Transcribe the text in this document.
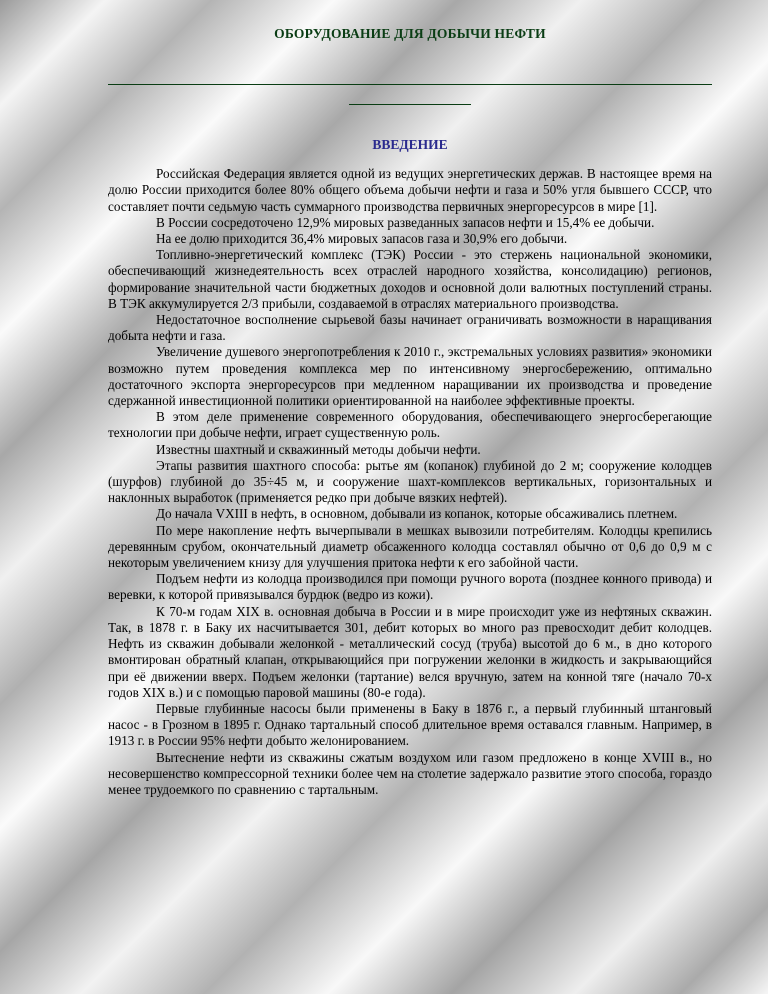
ОБОРУДОВАНИЕ ДЛЯ ДОБЫЧИ НЕФТИ
ВВЕДЕНИЕ

Российская Федерация является одной из ведущих энергетических держав. В настоящее время на долю России приходится более 80% общего объема добычи нефти и газа и 50% угля бывшего СССР, что составляет почти седьмую часть суммарного производства первичных энергоресурсов в мире [1].

В России сосредоточено 12,9% мировых разведанных запасов нефти и 15,4% ее добычи.

На ее долю приходится 36,4% мировых запасов газа и 30,9% его добычи.

Топливно-энергетический комплекс (ТЭК) России - это стержень национальной экономики, обеспечивающий жизнедеятельность всех отраслей народного хозяйства, консолидацию) регионов, формирование значительной части бюджетных доходов и основной доли валютных поступлений страны. В ТЭК аккумулируется 2/3 прибыли, создаваемой в отраслях материального производства.

Недостаточное восполнение сырьевой базы начинает ограничивать возможности в наращивания добыта нефти и газа.

Увеличение душевого энергопотребления к 2010 г., экстремальных условиях развития» экономики возможно путем проведения комплекса мер по интенсивному энергосбережению, оптимально достаточного экспорта энергоресурсов при медленном наращивании их производства и проведение сдержанной инвестиционной политики ориентированной на наиболее эффективные проекты.

В этом деле применение современного оборудования, обеспечивающего энергосберегающие технологии при добыче нефти, играет существенную роль.

Известны шахтный и скважинный методы добычи нефти.

Этапы развития шахтного способа: рытье ям (копанок) глубиной до 2 м; сооружение колодцев (шурфов) глубиной до 35÷45 м, и сооружение шахт-комплексов вертикальных, горизонтальных и наклонных выработок (применяется редко при добыче вязких нефтей).

До начала VXIII в нефть, в основном, добывали из копанок, которые обсаживались плетнем.

По мере накопление нефть вычерпывали в мешках вывозили потребителям. Колодцы крепились деревянным срубом, окончательный диаметр обсаженного колодца составлял обычно от 0,6 до 0,9 м с некоторым увеличением книзу для улучшения притока нефти к его забойной части.

Подъем нефти из колодца производился при помощи ручного ворота (позднее конного привода) и веревки, к которой привязывался бурдюк (ведро из кожи).

К 70-м годам XIX в. основная добыча в России и в мире происходит уже из нефтяных скважин. Так, в 1878 г. в Баку их насчитывается 301, дебит которых во много раз превосходит дебит колодцев. Нефть из скважин добывали желонкой - металлический сосуд (труба) высотой до 6 м., в дно которого вмонтирован обратный клапан, открывающийся при погружении желонки в жидкость и закрывающийся при её движении вверх. Подъем желонки (тартание) велся вручную, затем на конной тяге (начало 70-х годов XIX в.) и с помощью паровой машины (80-е года).

Первые глубинные насосы были применены в Баку в 1876 г., а первый глубинный штанговый насос - в Грозном в 1895 г. Однако тартальный способ длительное время оставался главным. Например, в 1913 г. в России 95% нефти добыто желонированием.

Вытеснение нефти из скважины сжатым воздухом или газом предложено в конце XVIII в., но несовершенство компрессорной техники более чем на столетие задержало развитие этого способа, гораздо менее трудоемкого по сравнению с тартальным.
